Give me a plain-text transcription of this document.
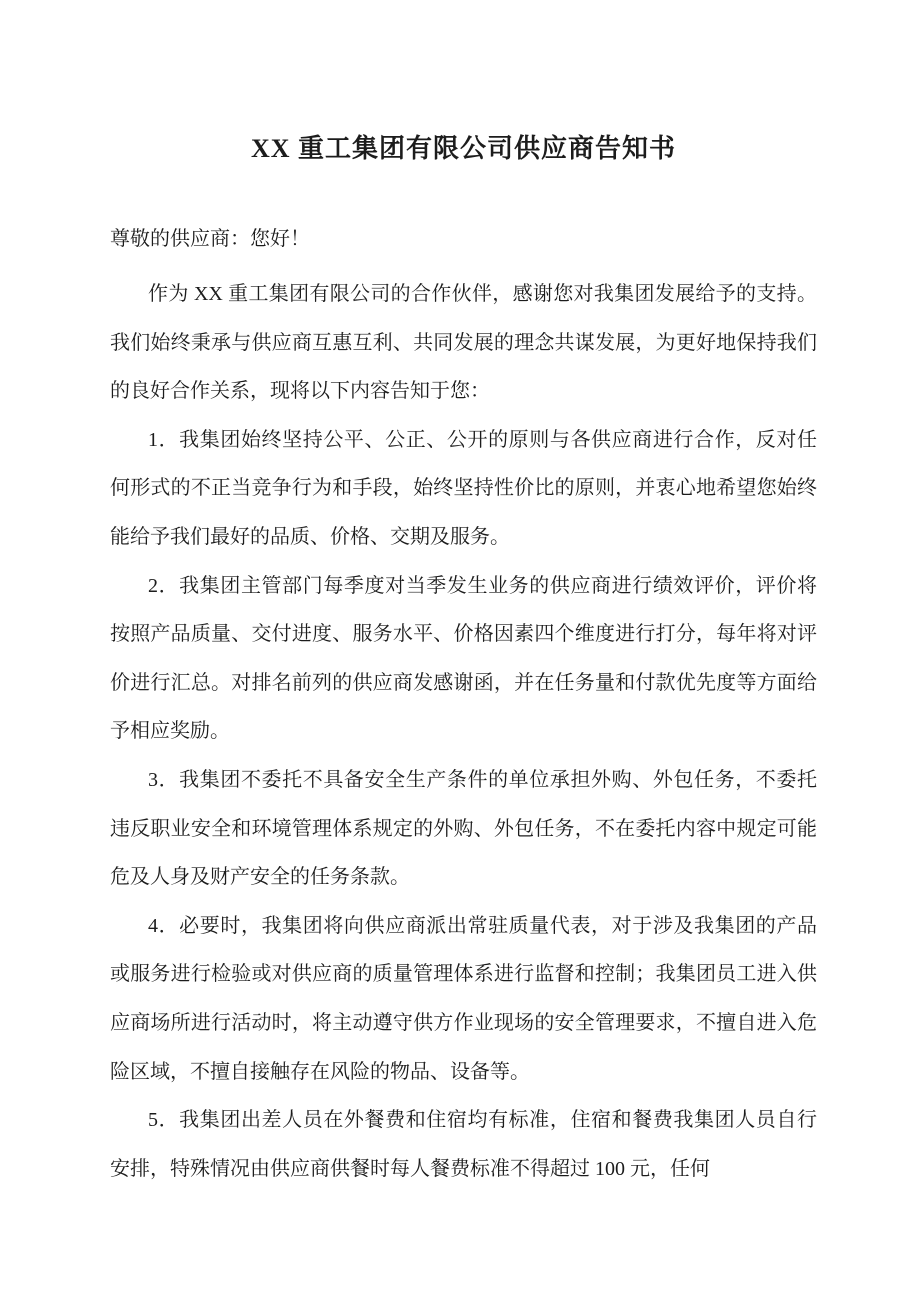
XX 重工集团有限公司供应商告知书
尊敬的供应商：您好！
作为 XX 重工集团有限公司的合作伙伴，感谢您对我集团发展给予的支持。
我们始终秉承与供应商互惠互利、共同发展的理念共谋发展，为更好地保持我们
的良好合作关系，现将以下内容告知于您：
1．我集团始终坚持公平、公正、公开的原则与各供应商进行合作，反对任
何形式的不正当竞争行为和手段，始终坚持性价比的原则，并衷心地希望您始终
能给予我们最好的品质、价格、交期及服务。
2．我集团主管部门每季度对当季发生业务的供应商进行绩效评价，评价将
按照产品质量、交付进度、服务水平、价格因素四个维度进行打分，每年将对评
价进行汇总。对排名前列的供应商发感谢函，并在任务量和付款优先度等方面给
予相应奖励。
3．我集团不委托不具备安全生产条件的单位承担外购、外包任务，不委托
违反职业安全和环境管理体系规定的外购、外包任务，不在委托内容中规定可能
危及人身及财产安全的任务条款。
4．必要时，我集团将向供应商派出常驻质量代表，对于涉及我集团的产品
或服务进行检验或对供应商的质量管理体系进行监督和控制；我集团员工进入供
应商场所进行活动时，将主动遵守供方作业现场的安全管理要求，不擅自进入危
险区域，不擅自接触存在风险的物品、设备等。
5．我集团出差人员在外餐费和住宿均有标准，住宿和餐费我集团人员自行
安排，特殊情况由供应商供餐时每人餐费标准不得超过 100 元，任何
